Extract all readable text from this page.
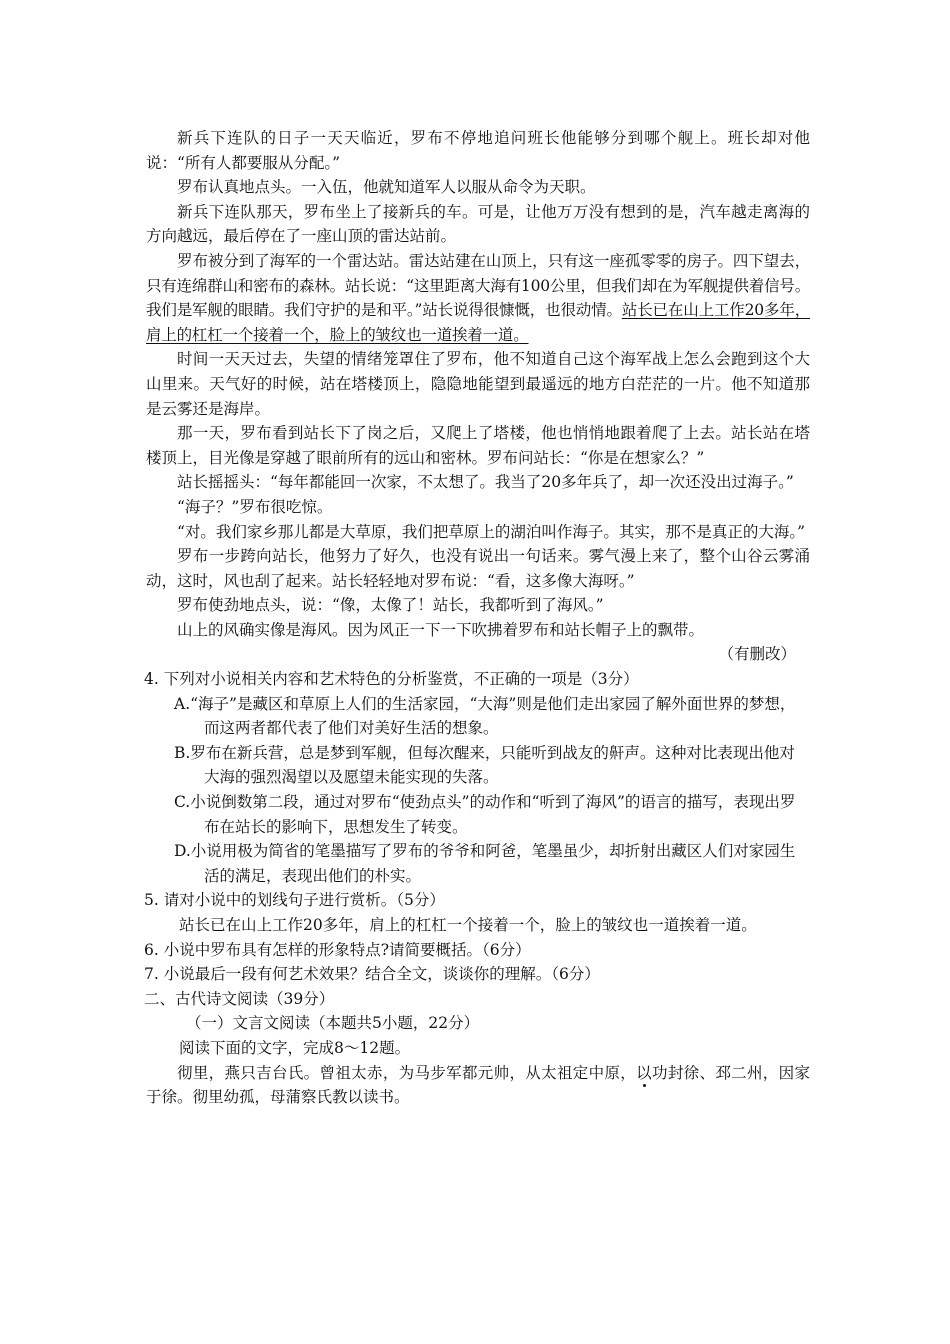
新兵下连队的日子一天天临近，罗布不停地追问班长他能够分到哪个舰上。班长却对他说：“所有人都要服从分配。”

罗布认真地点头。一入伍，他就知道军人以服从命令为天职。

新兵下连队那天，罗布坐上了接新兵的车。可是，让他万万没有想到的是，汽车越走离海的方向越远，最后停在了一座山顶的雷达站前。

罗布被分到了海军的一个雷达站。雷达站建在山顶上，只有这一座孤零零的房子。四下望去，只有连绵群山和密布的森林。站长说：“这里距离大海有100公里，但我们却在为军舰提供着信号。我们是军舰的眼睛。我们守护的是和平。”站长说得很慷慨，也很动情。站长已在山上工作20多年，肩上的杠杠一个接着一个，脸上的皱纹也一道挨着一道。

时间一天天过去，失望的情绪笼罩住了罗布，他不知道自己这个海军战上怎么会跑到这个大山里来。天气好的时候，站在塔楼顶上，隐隐地能望到最遥远的地方白茫茫的一片。他不知道那是云雾还是海岸。

那一天，罗布看到站长下了岗之后，又爬上了塔楼，他也悄悄地跟着爬了上去。站长站在塔楼顶上，目光像是穿越了眼前所有的远山和密林。罗布问站长：“你是在想家么？”

站长摇摇头：“每年都能回一次家，不太想了。我当了20多年兵了，却一次还没出过海子。”

“海子？”罗布很吃惊。

“对。我们家乡那儿都是大草原，我们把草原上的湖泊叫作海子。其实，那不是真正的大海。”

罗布一步跨向站长，他努力了好久，也没有说出一句话来。雾气漫上来了，整个山谷云雾涌动，这时，风也刮了起来。站长轻轻地对罗布说：“看，这多像大海呀。”

罗布使劲地点头，说：“像，太像了！站长，我都听到了海风。”

山上的风确实像是海风。因为风正一下一下吹拂着罗布和站长帽子上的飘带。

（有删改）

4. 下列对小说相关内容和艺术特色的分析鉴赏，不正确的一项是（3分）

A.“海子”是藏区和草原上人们的生活家园，“大海”则是他们走出家园了解外面世界的梦想，而这两者都代表了他们对美好生活的想象。

B.罗布在新兵营，总是梦到军舰，但每次醒来，只能听到战友的鼾声。这种对比表现出他对大海的强烈渴望以及愿望未能实现的失落。

C.小说倒数第二段，通过对罗布“使劲点头”的动作和“听到了海风”的语言的描写，表现出罗布在站长的影响下，思想发生了转变。

D.小说用极为简省的笔墨描写了罗布的爷爷和阿爸，笔墨虽少，却折射出藏区人们对家园生活的满足，表现出他们的朴实。

5. 请对小说中的划线句子进行赏析。（5分）

站长已在山上工作20多年，肩上的杠杠一个接着一个，脸上的皱纹也一道挨着一道。

6. 小说中罗布具有怎样的形象特点?请简要概括。（6分）

7. 小说最后一段有何艺术效果？结合全文，谈谈你的理解。（6分）

二、古代诗文阅读（39分）

（一）文言文阅读（本题共5小题，22分）

阅读下面的文字，完成8～12题。

彻里，燕只吉台氏。曾祖太赤，为马步军都元帅，从太祖定中原，以功封徐、邳二州，因家于徐。彻里幼孤，母蒲察氏教以读书。
